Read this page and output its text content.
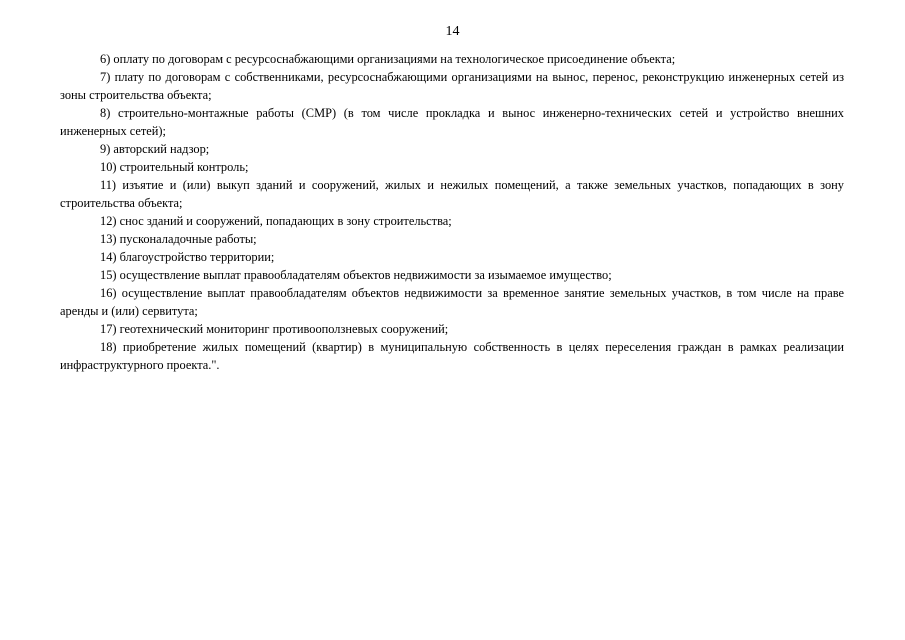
14

6) оплату по договорам с ресурсоснабжающими организациями на технологическое присоединение объекта;

7) плату по договорам с собственниками, ресурсоснабжающими организациями на вынос, перенос, реконструкцию инженерных сетей из зоны строительства объекта;

8) строительно-монтажные работы (СМР) (в том числе прокладка и вынос инженерно-технических сетей и устройство внешних инженерных сетей);

9) авторский надзор;

10) строительный контроль;

11) изъятие и (или) выкуп зданий и сооружений, жилых и нежилых помещений, а также земельных участков, попадающих в зону строительства объекта;

12) снос зданий и сооружений, попадающих в зону строительства;

13) пусконаладочные работы;

14) благоустройство территории;

15) осуществление выплат правообладателям объектов недвижимости за изымаемое имущество;

16) осуществление выплат правообладателям объектов недвижимости за временное занятие земельных участков, в том числе на праве аренды и (или) сервитута;

17) геотехнический мониторинг противооползневых сооружений;

18) приобретение жилых помещений (квартир) в муниципальную собственность в целях переселения граждан в рамках реализации инфраструктурного проекта.".
